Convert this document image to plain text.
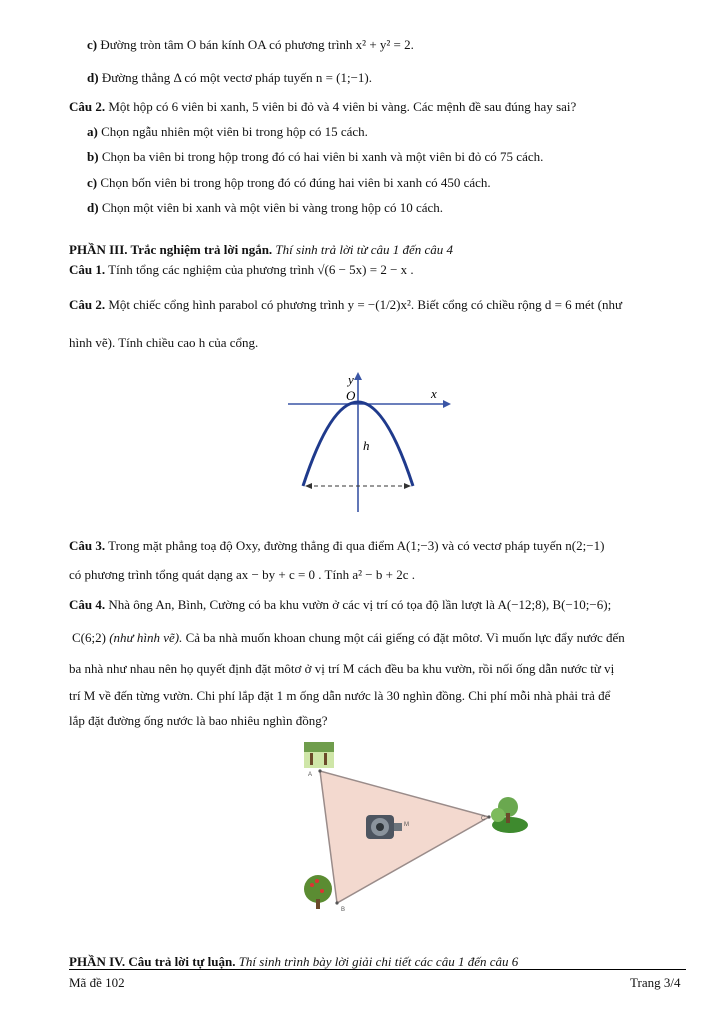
c) Đường tròn tâm O bán kính OA có phương trình x² + y² = 2.
d) Đường thẳng Δ có một vectơ pháp tuyến n = (1;−1).
Câu 2. Một hộp có 6 viên bi xanh, 5 viên bi đỏ và 4 viên bi vàng. Các mệnh đề sau đúng hay sai?
a) Chọn ngẫu nhiên một viên bi trong hộp có 15 cách.
b) Chọn ba viên bi trong hộp trong đó có hai viên bi xanh và một viên bi đỏ có 75 cách.
c) Chọn bốn viên bi trong hộp trong đó có đúng hai viên bi xanh có 450 cách.
d) Chọn một viên bi xanh và một viên bi vàng trong hộp có 10 cách.
PHẦN III. Trắc nghiệm trả lời ngắn. Thí sinh trả lời từ câu 1 đến câu 4
Câu 1. Tính tổng các nghiệm của phương trình √(6 − 5x) = 2 − x .
Câu 2. Một chiếc cổng hình parabol có phương trình y = −(1/2)x². Biết cổng có chiều rộng d = 6 mét (như
hình vẽ). Tính chiều cao h của cổng.
y
x
O
h
Câu 3. Trong mặt phẳng toạ độ Oxy, đường thẳng đi qua điểm A(1;−3) và có vectơ pháp tuyến n(2;−1)
có phương trình tổng quát dạng ax − by + c = 0 . Tính a² − b + 2c .
Câu 4. Nhà ông An, Bình, Cường có ba khu vườn ở các vị trí có tọa độ lần lượt là A(−12;8), B(−10;−6);
C(6;2) (như hình vẽ). Cả ba nhà muốn khoan chung một cái giếng có đặt môtơ. Vì muốn lực đẩy nước đến
ba nhà như nhau nên họ quyết định đặt môtơ ở vị trí M cách đều ba khu vườn, rồi nối ống dẫn nước từ vị
trí M về đến từng vườn. Chi phí lắp đặt 1 m ống dẫn nước là 30 nghìn đồng. Chi phí mỗi nhà phải trả để
lắp đặt đường ống nước là bao nhiêu nghìn đồng?
A
B
C
M
PHẦN IV. Câu trả lời tự luận. Thí sinh trình bày lời giải chi tiết các câu 1 đến câu 6
Mã đề 102	Trang 3/4
